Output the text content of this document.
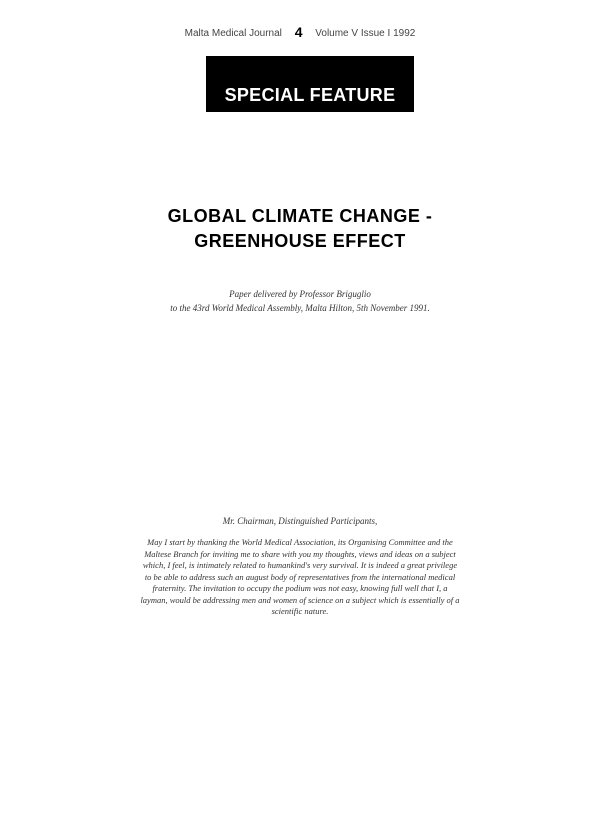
Malta Medical Journal 4 Volume V Issue I 1992
SPECIAL FEATURE
GLOBAL CLIMATE CHANGE -
GREENHOUSE EFFECT
Paper delivered by Professor Briguglio
to the 43rd World Medical Assembly, Malta Hilton, 5th November 1991.
Mr. Chairman, Distinguished Participants,
May I start by thanking the World Medical Association, its Organising Committee and the Maltese Branch for inviting me to share with you my thoughts, views and ideas on a subject which, I feel, is intimately related to humankind's very survival. It is indeed a great privilege to be able to address such an august body of representatives from the international medical fraternity. The invitation to occupy the podium was not easy, knowing full well that I, a layman, would be addressing men and women of science on a subject which is essentially of a scientific nature.
